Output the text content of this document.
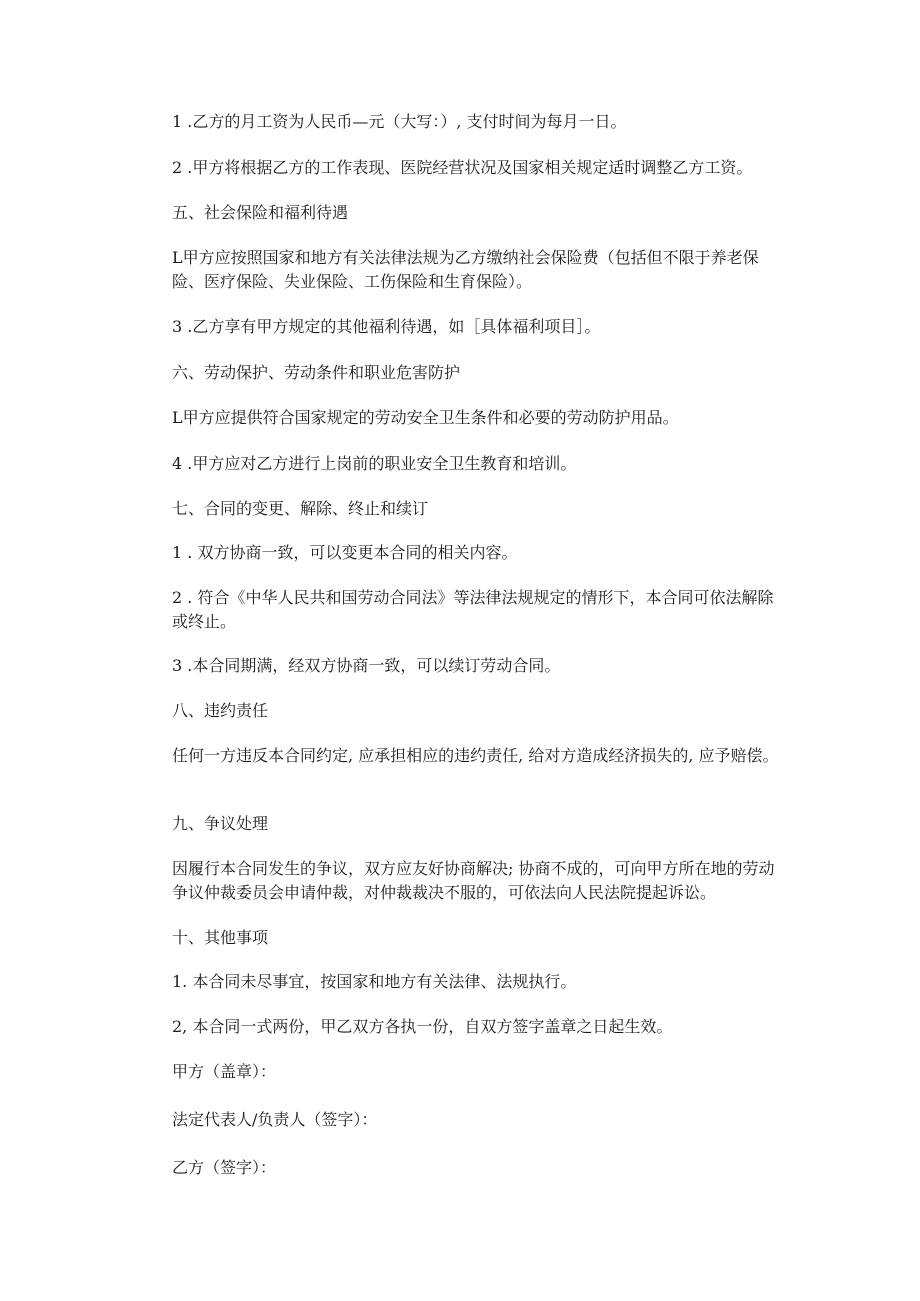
1 .乙方的月工资为人民币—元（大写：）, 支付时间为每月一日。
2 .甲方将根据乙方的工作表现、医院经营状况及国家相关规定适时调整乙方工资。
五、社会保险和福利待遇
L甲方应按照国家和地方有关法律法规为乙方缴纳社会保险费（包括但不限于养老保险、医疗保险、失业保险、工伤保险和生育保险）。
3 .乙方享有甲方规定的其他福利待遇，如［具体福利项目］。
六、劳动保护、劳动条件和职业危害防护
L甲方应提供符合国家规定的劳动安全卫生条件和必要的劳动防护用品。
4 .甲方应对乙方进行上岗前的职业安全卫生教育和培训。
七、合同的变更、解除、终止和续订
1 . 双方协商一致，可以变更本合同的相关内容。
2 . 符合《中华人民共和国劳动合同法》等法律法规规定的情形下，本合同可依法解除或终止。
3 .本合同期满，经双方协商一致，可以续订劳动合同。
八、违约责任
任何一方违反本合同约定, 应承担相应的违约责任, 给对方造成经济损失的, 应予赔偿。
九、争议处理
因履行本合同发生的争议，双方应友好协商解决; 协商不成的，可向甲方所在地的劳动争议仲裁委员会申请仲裁，对仲裁裁决不服的，可依法向人民法院提起诉讼。
十、其他事项
1. 本合同未尽事宜，按国家和地方有关法律、法规执行。
2, 本合同一式两份，甲乙双方各执一份，自双方签字盖章之日起生效。
甲方（盖章）：
法定代表人/负责人（签字）：
乙方（签字）：
